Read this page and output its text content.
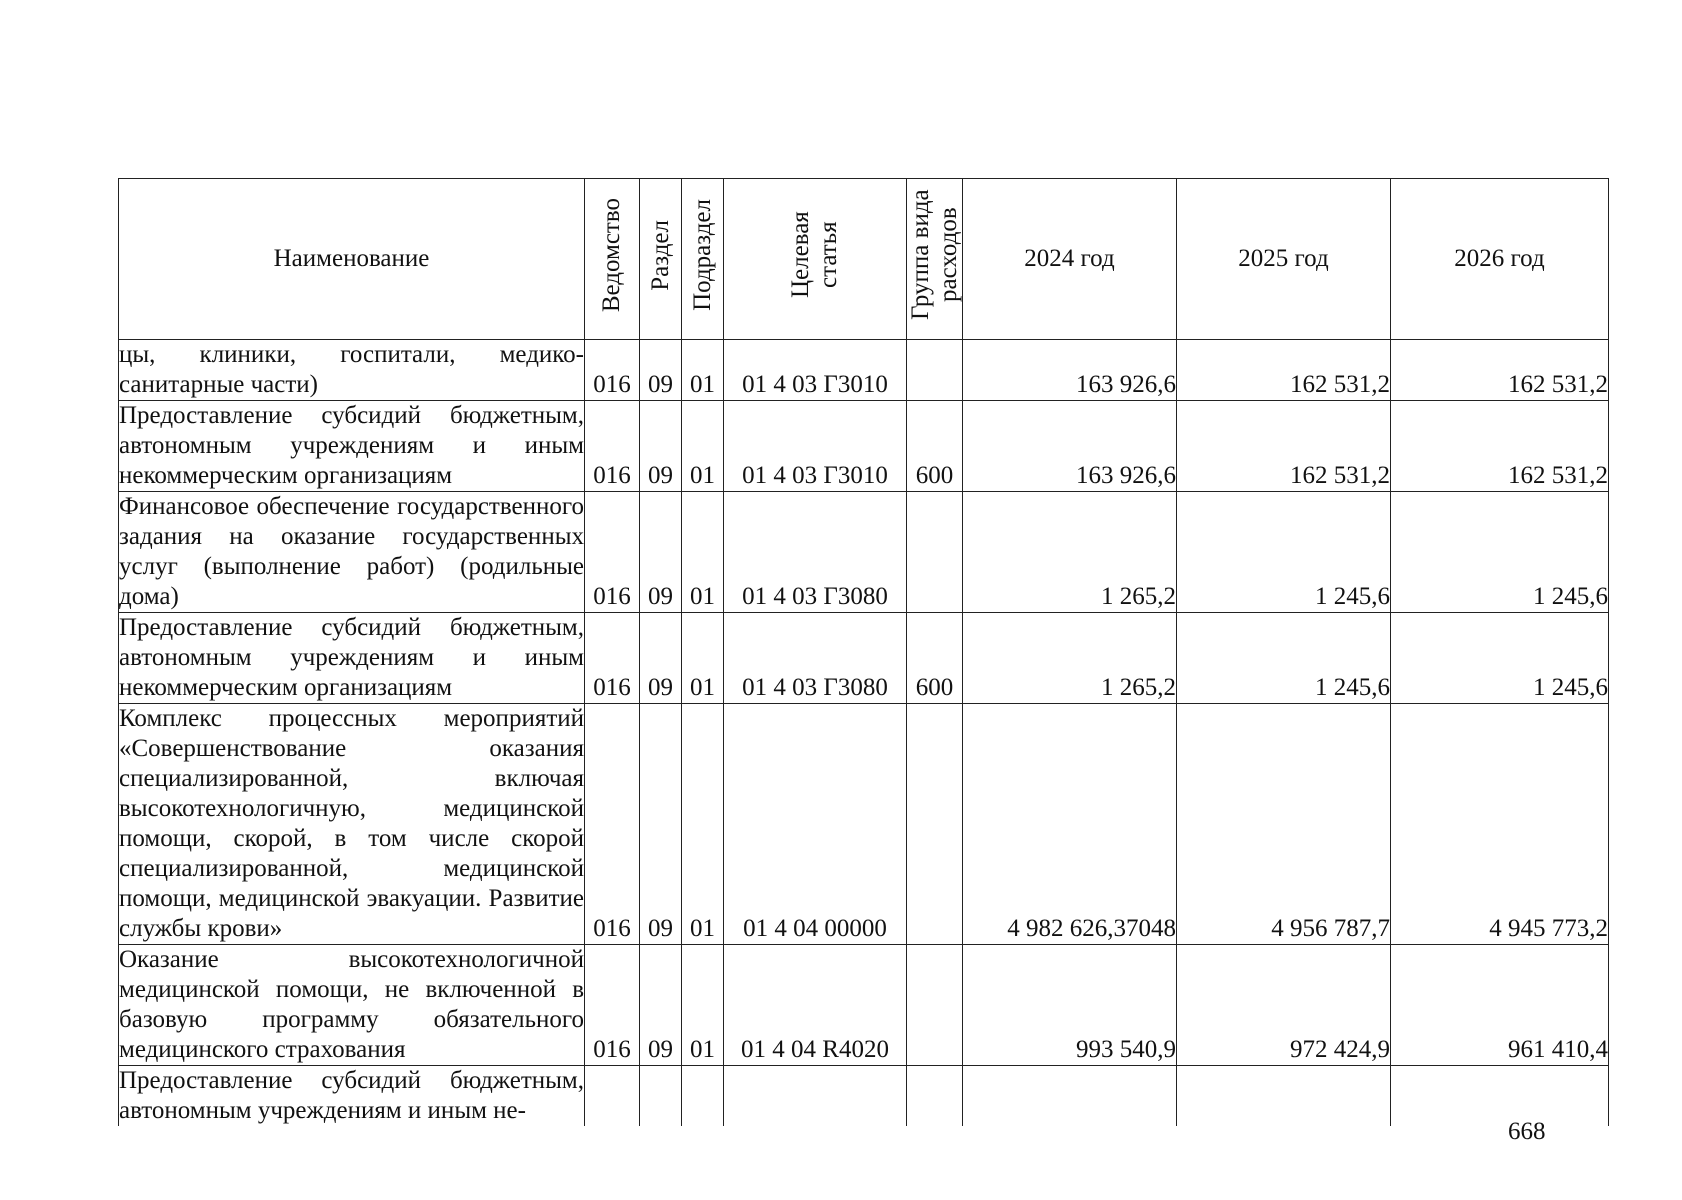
Наименование	Ведомство	Раздел	Подраздел	Целевая статья	Группа вида расходов	2024 год	2025 год	2026 год
цы, клиники, госпитали, медико-санитарные части)	016	09	01	01 4 03 Г3010		163 926,6	162 531,2	162 531,2
Предоставление субсидий бюджетным, автономным учреждениям и иным некоммерческим организациям	016	09	01	01 4 03 Г3010	600	163 926,6	162 531,2	162 531,2
Финансовое обеспечение государственного задания на оказание государственных услуг (выполнение работ) (родильные дома)	016	09	01	01 4 03 Г3080		1 265,2	1 245,6	1 245,6
Предоставление субсидий бюджетным, автономным учреждениям и иным некоммерческим организациям	016	09	01	01 4 03 Г3080	600	1 265,2	1 245,6	1 245,6
Комплекс процессных мероприятий «Совершенствование оказания специализированной, включая высокотехнологичную, медицинской помощи, скорой, в том числе скорой специализированной, медицинской помощи, медицинской эвакуации. Развитие службы крови»	016	09	01	01 4 04 00000		4 982 626,37048	4 956 787,7	4 945 773,2
Оказание высокотехнологичной медицинской помощи, не включенной в базовую программу обязательного медицинского страхования	016	09	01	01 4 04 R4020		993 540,9	972 424,9	961 410,4
Предоставление субсидий бюджетным, автономным учреждениям и иным не-								
668
